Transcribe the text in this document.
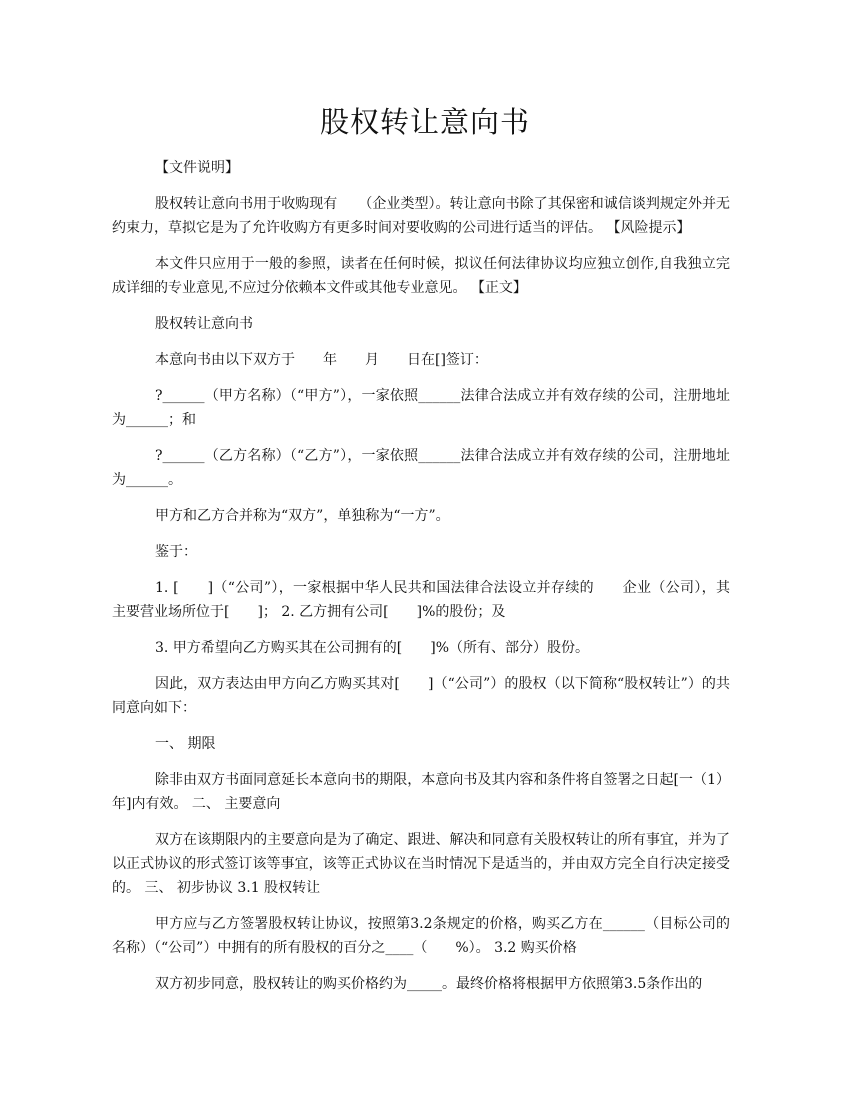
股权转让意向书

【文件说明】

股权转让意向书用于收购现有　　（企业类型）。转让意向书除了其保密和诚信谈判规定外并无约束力，草拟它是为了允许收购方有更多时间对要收购的公司进行适当的评估。 【风险提示】

本文件只应用于一般的参照，读者在任何时候，拟议任何法律协议均应独立创作,自我独立完成详细的专业意见,不应过分依赖本文件或其他专业意见。 【正文】

股权转让意向书

本意向书由以下双方于　　年　　月　　日在[]签订：

?______（甲方名称）（“甲方”），一家依照______法律合法成立并有效存续的公司，注册地址为______；和

?______（乙方名称）（“乙方”），一家依照______法律合法成立并有效存续的公司，注册地址为______。

甲方和乙方合并称为“双方”，单独称为“一方”。

鉴于：

1. [　　]（“公司”），一家根据中华人民共和国法律合法设立并存续的　　企业（公司），其主要营业场所位于[　　]； 2. 乙方拥有公司[　　]%的股份；及

3. 甲方希望向乙方购买其在公司拥有的[　　]%（所有、部分）股份。

因此，双方表达由甲方向乙方购买其对[　　]（“公司”）的股权（以下简称“股权转让”）的共同意向如下：

一、 期限

除非由双方书面同意延长本意向书的期限，本意向书及其内容和条件将自签署之日起[一（1）年]内有效。 二、 主要意向

双方在该期限内的主要意向是为了确定、跟进、解决和同意有关股权转让的所有事宜，并为了以正式协议的形式签订该等事宜，该等正式协议在当时情况下是适当的，并由双方完全自行决定接受的。 三、 初步协议 3.1 股权转让

甲方应与乙方签署股权转让协议，按照第3.2条规定的价格，购买乙方在______（目标公司的名称）（“公司”）中拥有的所有股权的百分之____（　　%）。 3.2 购买价格

双方初步同意，股权转让的购买价格约为_____。最终价格将根据甲方依照第3.5条作出的
